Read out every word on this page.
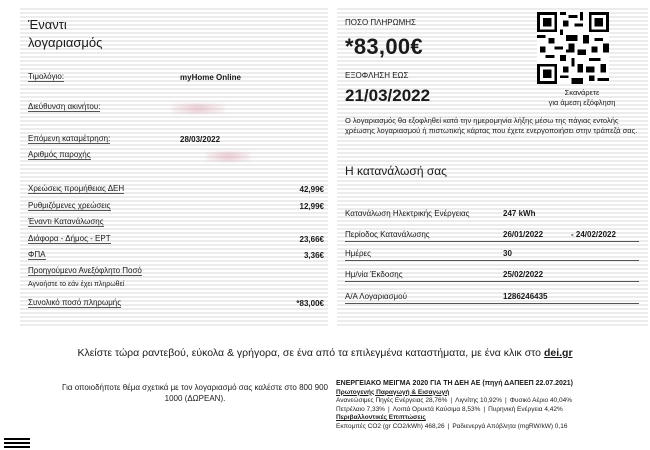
Έναντι
λογαριασμός
Τιμολόγιο:	myHome Online
Διεύθυνση ακινήτου:
Επόμενη καταμέτρηση:	28/03/2022
Αριθμός παροχής
Χρεώσεις προμήθειας ΔΕΗ	42,99€
Ρυθμιζόμενες χρεώσεις	12,99€
Έναντι Κατανάλωσης
Διάφορα - Δήμος - ΕΡΤ	23,66€
ΦΠΑ	3,36€
Προηγούμενο Ανεξόφλητο Ποσό
Αγνοήστε το εάν έχει πληρωθεί
Συνολικό ποσό πληρωμής	*83,00€
ΠΟΣΟ ΠΛΗΡΩΜΗΣ
*83,00€
ΕΞΟΦΛΗΣΗ ΕΩΣ
21/03/2022	Σκανάρετε
για άμεση εξόφληση
Ο λογαριασμός θα εξοφληθεί κατά την ημερομηνία λήξης μέσω της πάγιας εντολής χρέωσης λογαριασμού ή πιστωτικής κάρτας που έχετε ενεργοποιήσει στην τράπεζά σας.
Η κατανάλωσή σας
Κατανάλωση Ηλεκτρικής Ενέργειας	247 kWh
Περίοδος Κατανάλωσης	26/01/2022	- 24/02/2022
Ημέρες	30
Ημ/νία Έκδοσης	25/02/2022
Α/Α Λογαριασμού	1286246435
Κλείστε τώρα ραντεβού, εύκολα & γρήγορα, σε ένα από τα επιλεγμένα καταστήματα, με ένα κλικ στο dei.gr
Για οποιοδήποτε θέμα σχετικά με τον λογαριασμό σας καλέστε στο 800 900 1000 (ΔΩΡΕΑΝ).
ΕΝΕΡΓΕΙΑΚΟ ΜΕΙΓΜΑ 2020 ΓΙΑ ΤΗ ΔΕΗ ΑΕ (πηγή ΔΑΠΕΕΠ 22.07.2021)
Πρωτογενής Παραγωγή & Εισαγωγή
Ανανεώσιμες Πηγές Ενέργειας 28,76% | Λιγνίτης 10,92% | Φυσικό Αέριο 40,04%
Πετρέλαιο 7,33% | Λοιπά Ορυκτά Καύσιμα 8,53% | Πυρηνική Ενέργεια 4,42%
Περιβαλλοντικές Επιπτώσεις
Εκπομπές CO2 (gr CO2/kWh) 468,26 | Ραδιενεργά Απόβλητα (mgRW/kW) 0,16
